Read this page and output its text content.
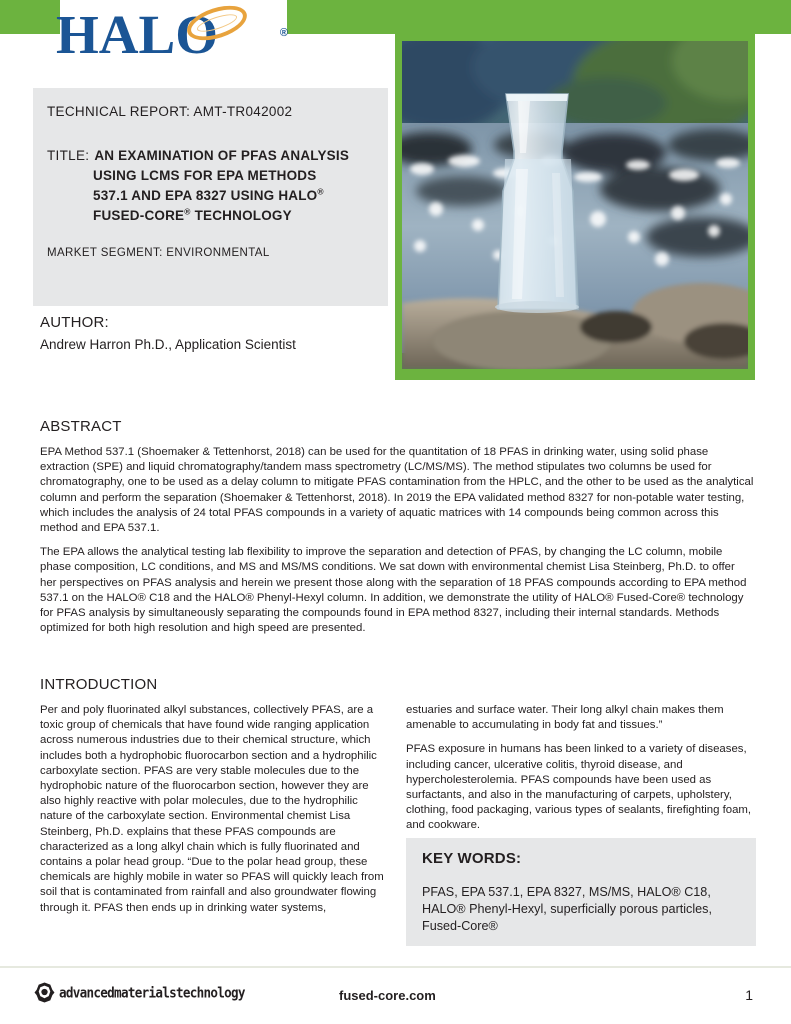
HALO	®
TECHNICAL REPORT: AMT-TR042002
TITLE: AN EXAMINATION OF PFAS ANALYSIS
USING LCMS FOR EPA METHODS
537.1 AND EPA 8327 USING HALO®
FUSED-CORE® TECHNOLOGY
MARKET SEGMENT: ENVIRONMENTAL
AUTHOR:
Andrew Harron Ph.D., Application Scientist
ABSTRACT

EPA Method 537.1 (Shoemaker & Tettenhorst, 2018) can be used for the quantitation of 18 PFAS in drinking water, using solid phase extraction (SPE) and liquid chromatography/tandem mass spectrometry (LC/MS/MS). The method stipulates two columns be used for chromatography, one to be used as a delay column to mitigate PFAS contamination from the HPLC, and the other to be used as the analytical column and perform the separation (Shoemaker & Tettenhorst, 2018). In 2019 the EPA validated method 8327 for non-potable water testing, which includes the analysis of 24 total PFAS compounds in a variety of aquatic matrices with 14 compounds being common across this method and EPA 537.1.

The EPA allows the analytical testing lab flexibility to improve the separation and detection of PFAS, by changing the LC column, mobile phase composition, LC conditions, and MS and MS/MS conditions. We sat down with environmental chemist Lisa Steinberg, Ph.D. to offer her perspectives on PFAS analysis and herein we present those along with the separation of 18 PFAS compounds according to EPA method 537.1 on the HALO® C18 and the HALO® Phenyl-Hexyl column. In addition, we demonstrate the utility of HALO® Fused-Core® technology for PFAS analysis by simultaneously separating the compounds found in EPA method 8327, including their internal standards. Methods optimized for both high resolution and high speed are presented.

INTRODUCTION

Per and poly fluorinated alkyl substances, collectively PFAS, are a toxic group of chemicals that have found wide ranging application across numerous industries due to their chemical structure, which includes both a hydrophobic fluorocarbon section and a hydrophilic carboxylate section. PFAS are very stable molecules due to the hydrophobic nature of the fluorocarbon section, however they are also highly reactive with polar molecules, due to the hydrophilic nature of the carboxylate section. Environmental chemist Lisa Steinberg, Ph.D. explains that these PFAS compounds are characterized as a long alkyl chain which is fully fluorinated and contains a polar head group. “Due to the polar head group, these chemicals are highly mobile in water so PFAS will quickly leach from soil that is contaminated from rainfall and also groundwater flowing through it. PFAS then ends up in drinking water systems,

estuaries and surface water. Their long alkyl chain makes them amenable to accumulating in body fat and tissues.”

PFAS exposure in humans has been linked to a variety of diseases, including cancer, ulcerative colitis, thyroid disease, and hypercholesterolemia. PFAS compounds have been used as surfactants, and also in the manufacturing of carpets, upholstery, clothing, food packaging, various types of sealants, firefighting foam, and cookware.

KEY WORDS:
PFAS, EPA 537.1, EPA 8327, MS/MS, HALO® C18, HALO® Phenyl-Hexyl, superficially porous particles, Fused-Core®
advancedmaterialstechnology	fused-core.com	1
